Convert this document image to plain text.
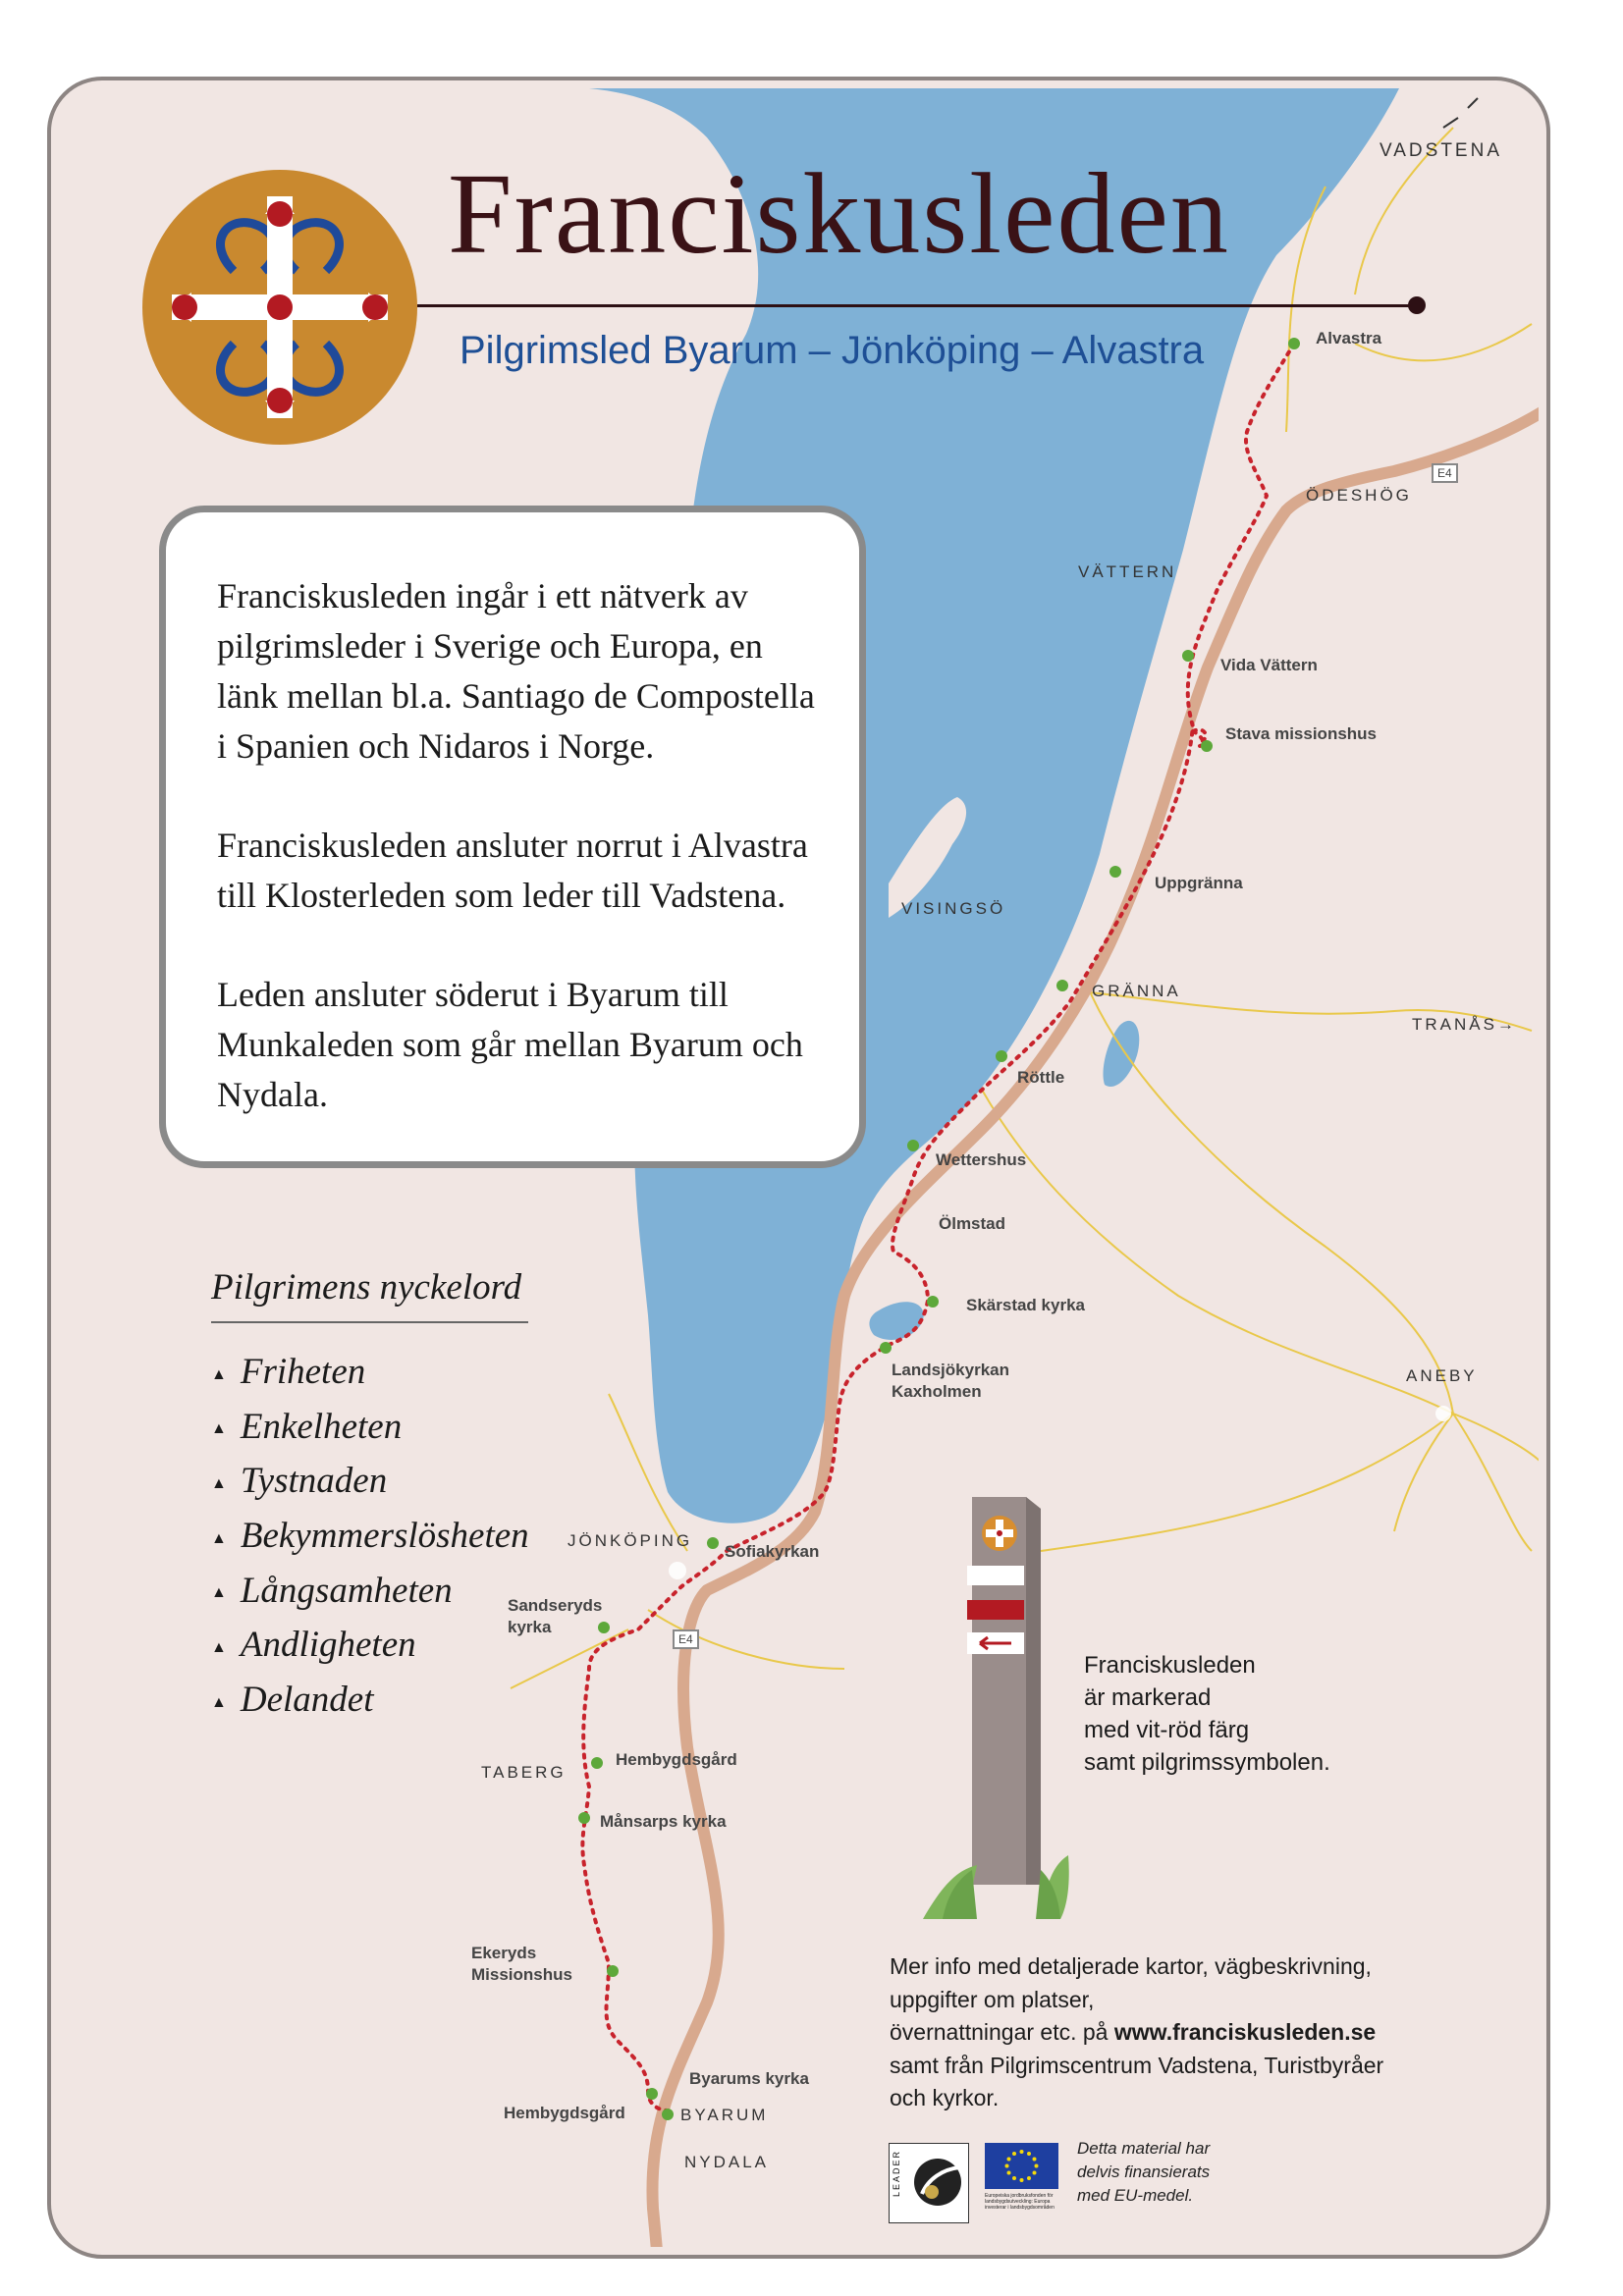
Franciskusleden
Pilgrimsled Byarum – Jönköping – Alvastra

Franciskusleden ingår i ett nätverk av pilgrimsleder i Sverige och Europa, en länk mellan bl.a. Santiago de Compostella i Spanien och Nidaros i Norge.

Franciskusleden ansluter norrut i Alvastra till Klosterleden som leder till Vadstena.

Leden ansluter söderut i Byarum till Munkaleden som går mellan Byarum och Nydala.

Pilgrimens nyckelord
▲ Friheten
▲ Enkelheten
▲ Tystnaden
▲ Bekymmerslösheten
▲ Långsamheten
▲ Andligheten
▲ Delandet
VADSTENA
Alvastra
ÖDESHÖG
E4
VÄTTERN
Vida Vättern
Stava missionshus
Uppgränna
VISINGSÖ
GRÄNNA
TRANÅS→
Röttle
Wettershus
Ölmstad
Skärstad kyrka
Landsjökyrkan
Kaxholmen
ANEBY
JÖNKÖPING
Sofiakyrkan
Sandseryds
kyrka
E4
Hembygdsgård
TABERG
Månsarps kyrka
Ekeryds
Missionshus
Byarums kyrka
Hembygdsgård	BYARUM
NYDALA
Franciskusleden
är markerad
med vit-röd färg
samt pilgrimssymbolen.
Mer info med detaljerade kartor, vägbeskrivning,
uppgifter om platser,
övernattningar etc. på www.franciskusleden.se
samt från Pilgrimscentrum Vadstena, Turistbyråer
och kyrkor.
LEADER	Europeiska jordbruksfonden för landsbygdsutveckling: Europa investerar i landsbygdsområden
Detta material har
delvis finansierats
med EU-medel.
